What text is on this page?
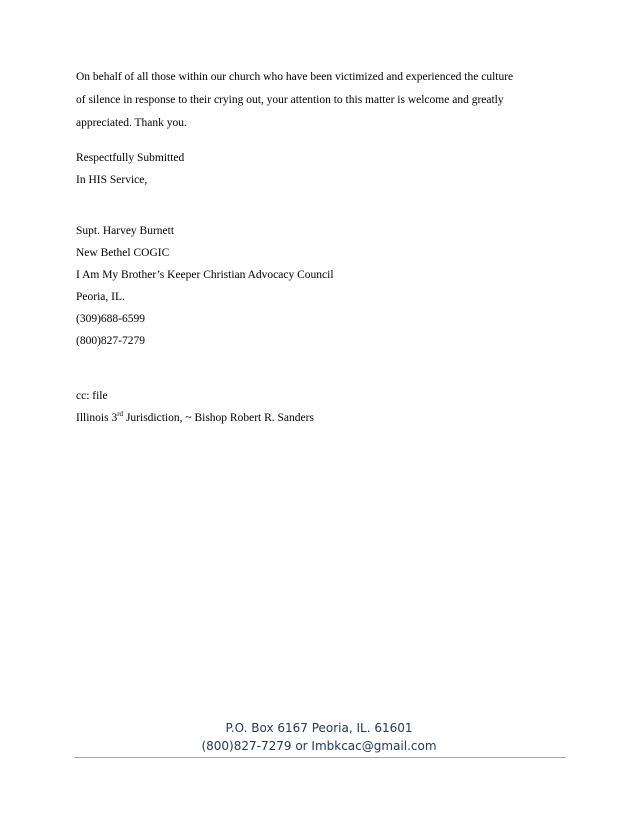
On behalf of all those within our church who have been victimized and experienced the culture
of silence in response to their crying out, your attention to this matter is welcome and greatly
appreciated. Thank you.
Respectfully Submitted
In HIS Service,
Supt. Harvey Burnett
New Bethel COGIC
I Am My Brother’s Keeper Christian Advocacy Council
Peoria, IL.
(309)688-6599
(800)827-7279
cc: file
Illinois 3rd Jurisdiction, ~ Bishop Robert R. Sanders
P.O. Box 6167 Peoria, IL. 61601
(800)827-7279 or Imbkcac@gmail.com
